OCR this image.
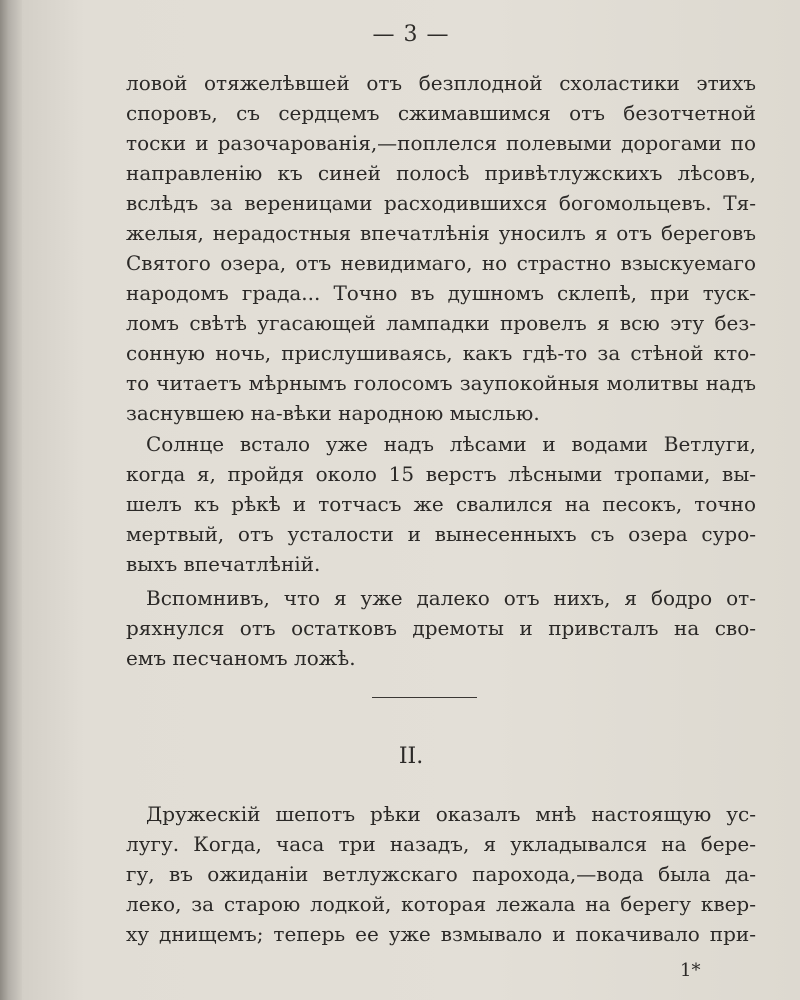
— 3 —
ловой отяжелѣвшей отъ безплодной схоластики этихъ
споровъ, съ сердцемъ сжимавшимся отъ безотчетной
тоски и разочарованія,—поплелся полевыми дорогами по
направленію къ синей полосѣ привѣтлужскихъ лѣсовъ,
вслѣдъ за вереницами расходившихся богомольцевъ. Тя-
желыя, нерадостныя впечатлѣнія уносилъ я отъ береговъ
Святого озера, отъ невидимаго, но страстно взыскуемаго
народомъ града... Точно въ душномъ склепѣ, при туск-
ломъ свѣтѣ угасающей лампадки провелъ я всю эту без-
сонную ночь, прислушиваясь, какъ гдѣ-то за стѣной кто-
то читаетъ мѣрнымъ голосомъ заупокойныя молитвы надъ
заснувшею на-вѣки народною мыслью.
Солнце встало уже надъ лѣсами и водами Ветлуги,
когда я, пройдя около 15 верстъ лѣсными тропами, вы-
шелъ къ рѣкѣ и тотчасъ же свалился на песокъ, точно
мертвый, отъ усталости и вынесенныхъ съ озера суро-
выхъ впечатлѣній.
Вспомнивъ, что я уже далеко отъ нихъ, я бодро от-
ряхнулся отъ остатковъ дремоты и привсталъ на сво-
емъ песчаномъ ложѣ.
II.
Дружескій шепотъ рѣки оказалъ мнѣ настоящую ус-
лугу. Когда, часа три назадъ, я укладывался на бере-
гу, въ ожиданіи ветлужскаго парохода,—вода была да-
леко, за старою лодкой, которая лежала на берегу квер-
ху днищемъ; теперь ее уже взмывало и покачивало при-
1*
